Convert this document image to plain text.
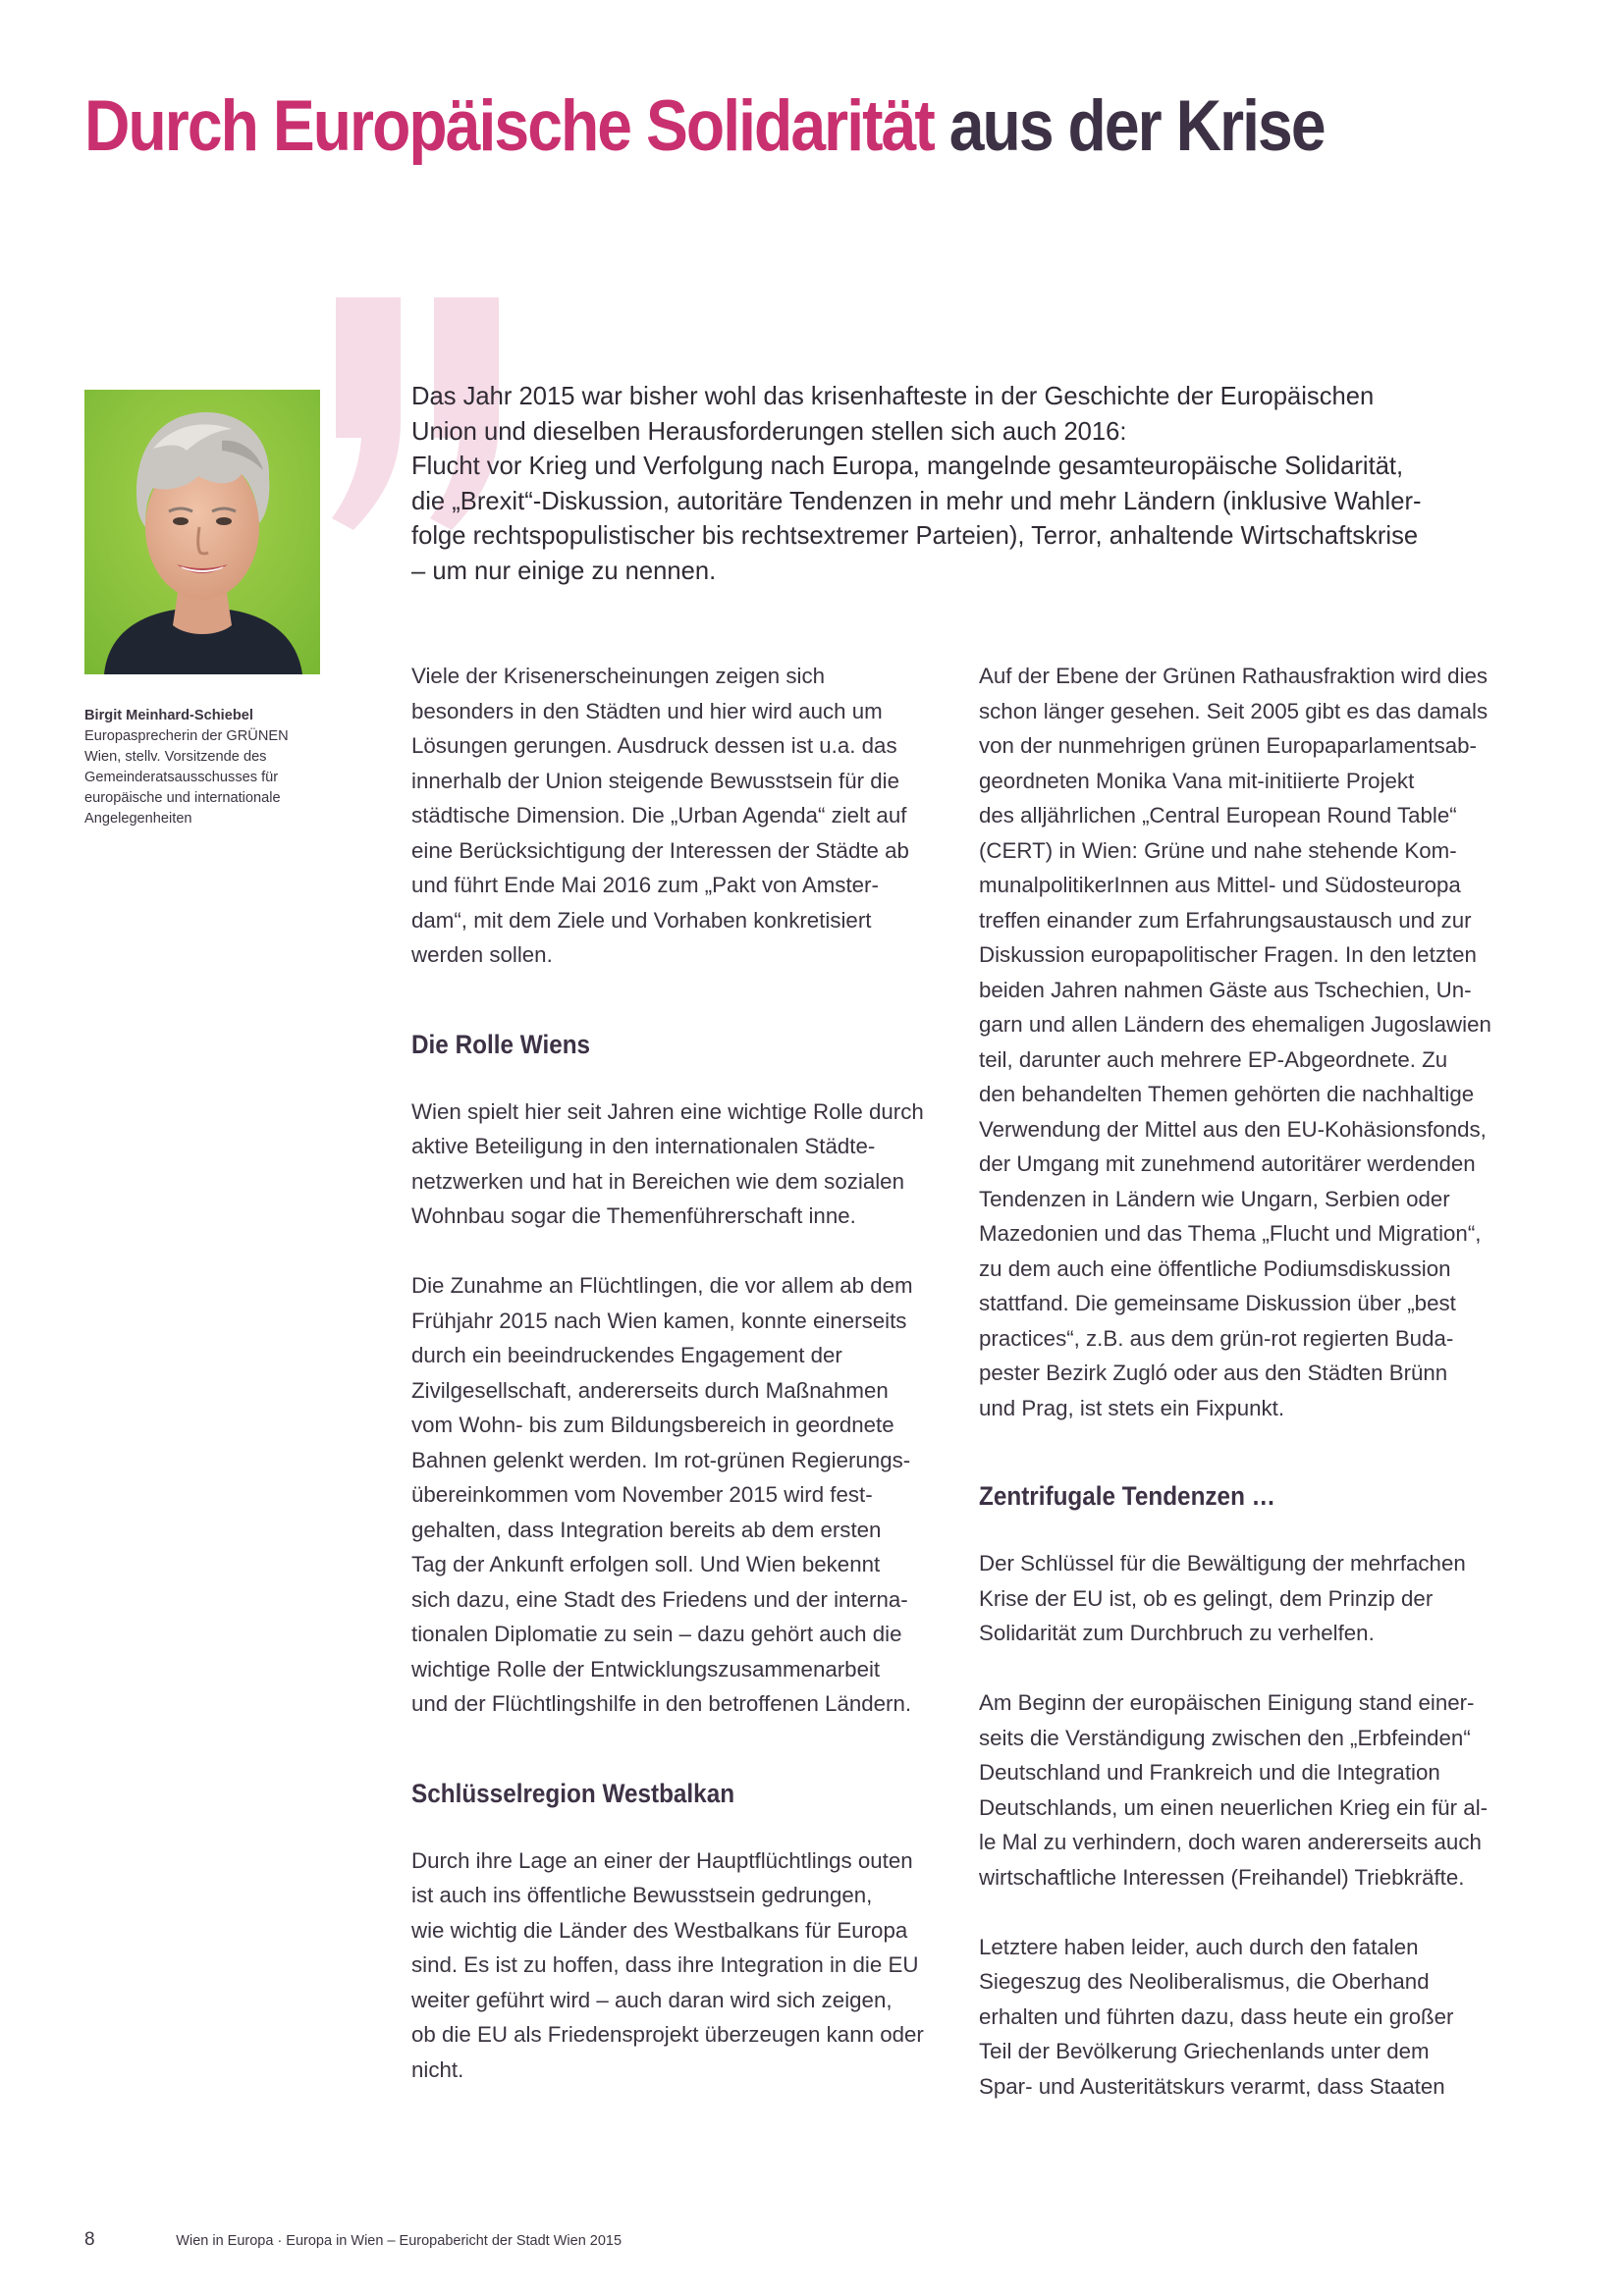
Durch Europäische Solidarität aus der Krise
Birgit Meinhard-Schiebel
Europasprecherin der GRÜNEN
Wien, stellv. Vorsitzende des
Gemeinderatsausschusses für
europäische und internationale
Angelegenheiten
Das Jahr 2015 war bisher wohl das krisenhafteste in der Geschichte der Europäischen
Union und dieselben Herausforderungen stellen sich auch 2016:
Flucht vor Krieg und Verfolgung nach Europa, mangelnde gesamteuropäische Solidarität,
die „Brexit“-Diskussion, autoritäre Tendenzen in mehr und mehr Ländern (inklusive Wahler-
folge rechtspopulistischer bis rechtsextremer Parteien), Terror, anhaltende Wirtschaftskrise
– um nur einige zu nennen.

Viele der Krisenerscheinungen zeigen sich
besonders in den Städten und hier wird auch um
Lösungen gerungen. Ausdruck dessen ist u.a. das
innerhalb der Union steigende Bewusstsein für die
städtische Dimension. Die „Urban Agenda“ zielt auf
eine Berücksichtigung der Interessen der Städte ab
und führt Ende Mai 2016 zum „Pakt von Amster-
dam“, mit dem Ziele und Vorhaben konkretisiert
werden sollen.

Die Rolle Wiens

Wien spielt hier seit Jahren eine wichtige Rolle durch
aktive Beteiligung in den internationalen Städte-
netzwerken und hat in Bereichen wie dem sozialen
Wohnbau sogar die Themenführerschaft inne.

Die Zunahme an Flüchtlingen, die vor allem ab dem
Frühjahr 2015 nach Wien kamen, konnte einerseits
durch ein beeindruckendes Engagement der
Zivilgesellschaft, andererseits durch Maßnahmen
vom Wohn- bis zum Bildungsbereich in geordnete
Bahnen gelenkt werden. Im rot-grünen Regierungs-
übereinkommen vom November 2015 wird fest-
gehalten, dass Integration bereits ab dem ersten
Tag der Ankunft erfolgen soll. Und Wien bekennt
sich dazu, eine Stadt des Friedens und der interna-
tionalen Diplomatie zu sein – dazu gehört auch die
wichtige Rolle der Entwicklungszusammenarbeit
und der Flüchtlingshilfe in den betroffenen Ländern.

Schlüsselregion Westbalkan

Durch ihre Lage an einer der Hauptflüchtlings outen
ist auch ins öffentliche Bewusstsein gedrungen,
wie wichtig die Länder des Westbalkans für Europa
sind. Es ist zu hoffen, dass ihre Integration in die EU
weiter geführt wird – auch daran wird sich zeigen,
ob die EU als Friedensprojekt überzeugen kann oder
nicht.

Auf der Ebene der Grünen Rathausfraktion wird dies
schon länger gesehen. Seit 2005 gibt es das damals
von der nunmehrigen grünen Europaparlamentsab-
geordneten Monika Vana mit-initiierte Projekt
des alljährlichen „Central European Round Table“
(CERT) in Wien: Grüne und nahe stehende Kom-
munalpolitikerInnen aus Mittel- und Südosteuropa
treffen einander zum Erfahrungsaustausch und zur
Diskussion europapolitischer Fragen. In den letzten
beiden Jahren nahmen Gäste aus Tschechien, Un-
garn und allen Ländern des ehemaligen Jugoslawien
teil, darunter auch mehrere EP-Abgeordnete. Zu
den behandelten Themen gehörten die nachhaltige
Verwendung der Mittel aus den EU-Kohäsionsfonds,
der Umgang mit zunehmend autoritärer werdenden
Tendenzen in Ländern wie Ungarn, Serbien oder
Mazedonien und das Thema „Flucht und Migration“,
zu dem auch eine öffentliche Podiumsdiskussion
stattfand. Die gemeinsame Diskussion über „best
practices“, z.B. aus dem grün-rot regierten Buda-
pester Bezirk Zugló oder aus den Städten Brünn
und Prag, ist stets ein Fixpunkt.

Zentrifugale Tendenzen …

Der Schlüssel für die Bewältigung der mehrfachen
Krise der EU ist, ob es gelingt, dem Prinzip der
Solidarität zum Durchbruch zu verhelfen.

Am Beginn der europäischen Einigung stand einer-
seits die Verständigung zwischen den „Erbfeinden“
Deutschland und Frankreich und die Integration
Deutschlands, um einen neuerlichen Krieg ein für al-
le Mal zu verhindern, doch waren andererseits auch
wirtschaftliche Interessen (Freihandel) Triebkräfte.

Letztere haben leider, auch durch den fatalen
Siegeszug des Neoliberalismus, die Oberhand
erhalten und führten dazu, dass heute ein großer
Teil der Bevölkerung Griechenlands unter dem
Spar- und Austeritätskurs verarmt, dass Staaten

8	Wien in Europa · Europa in Wien – Europabericht der Stadt Wien 2015
